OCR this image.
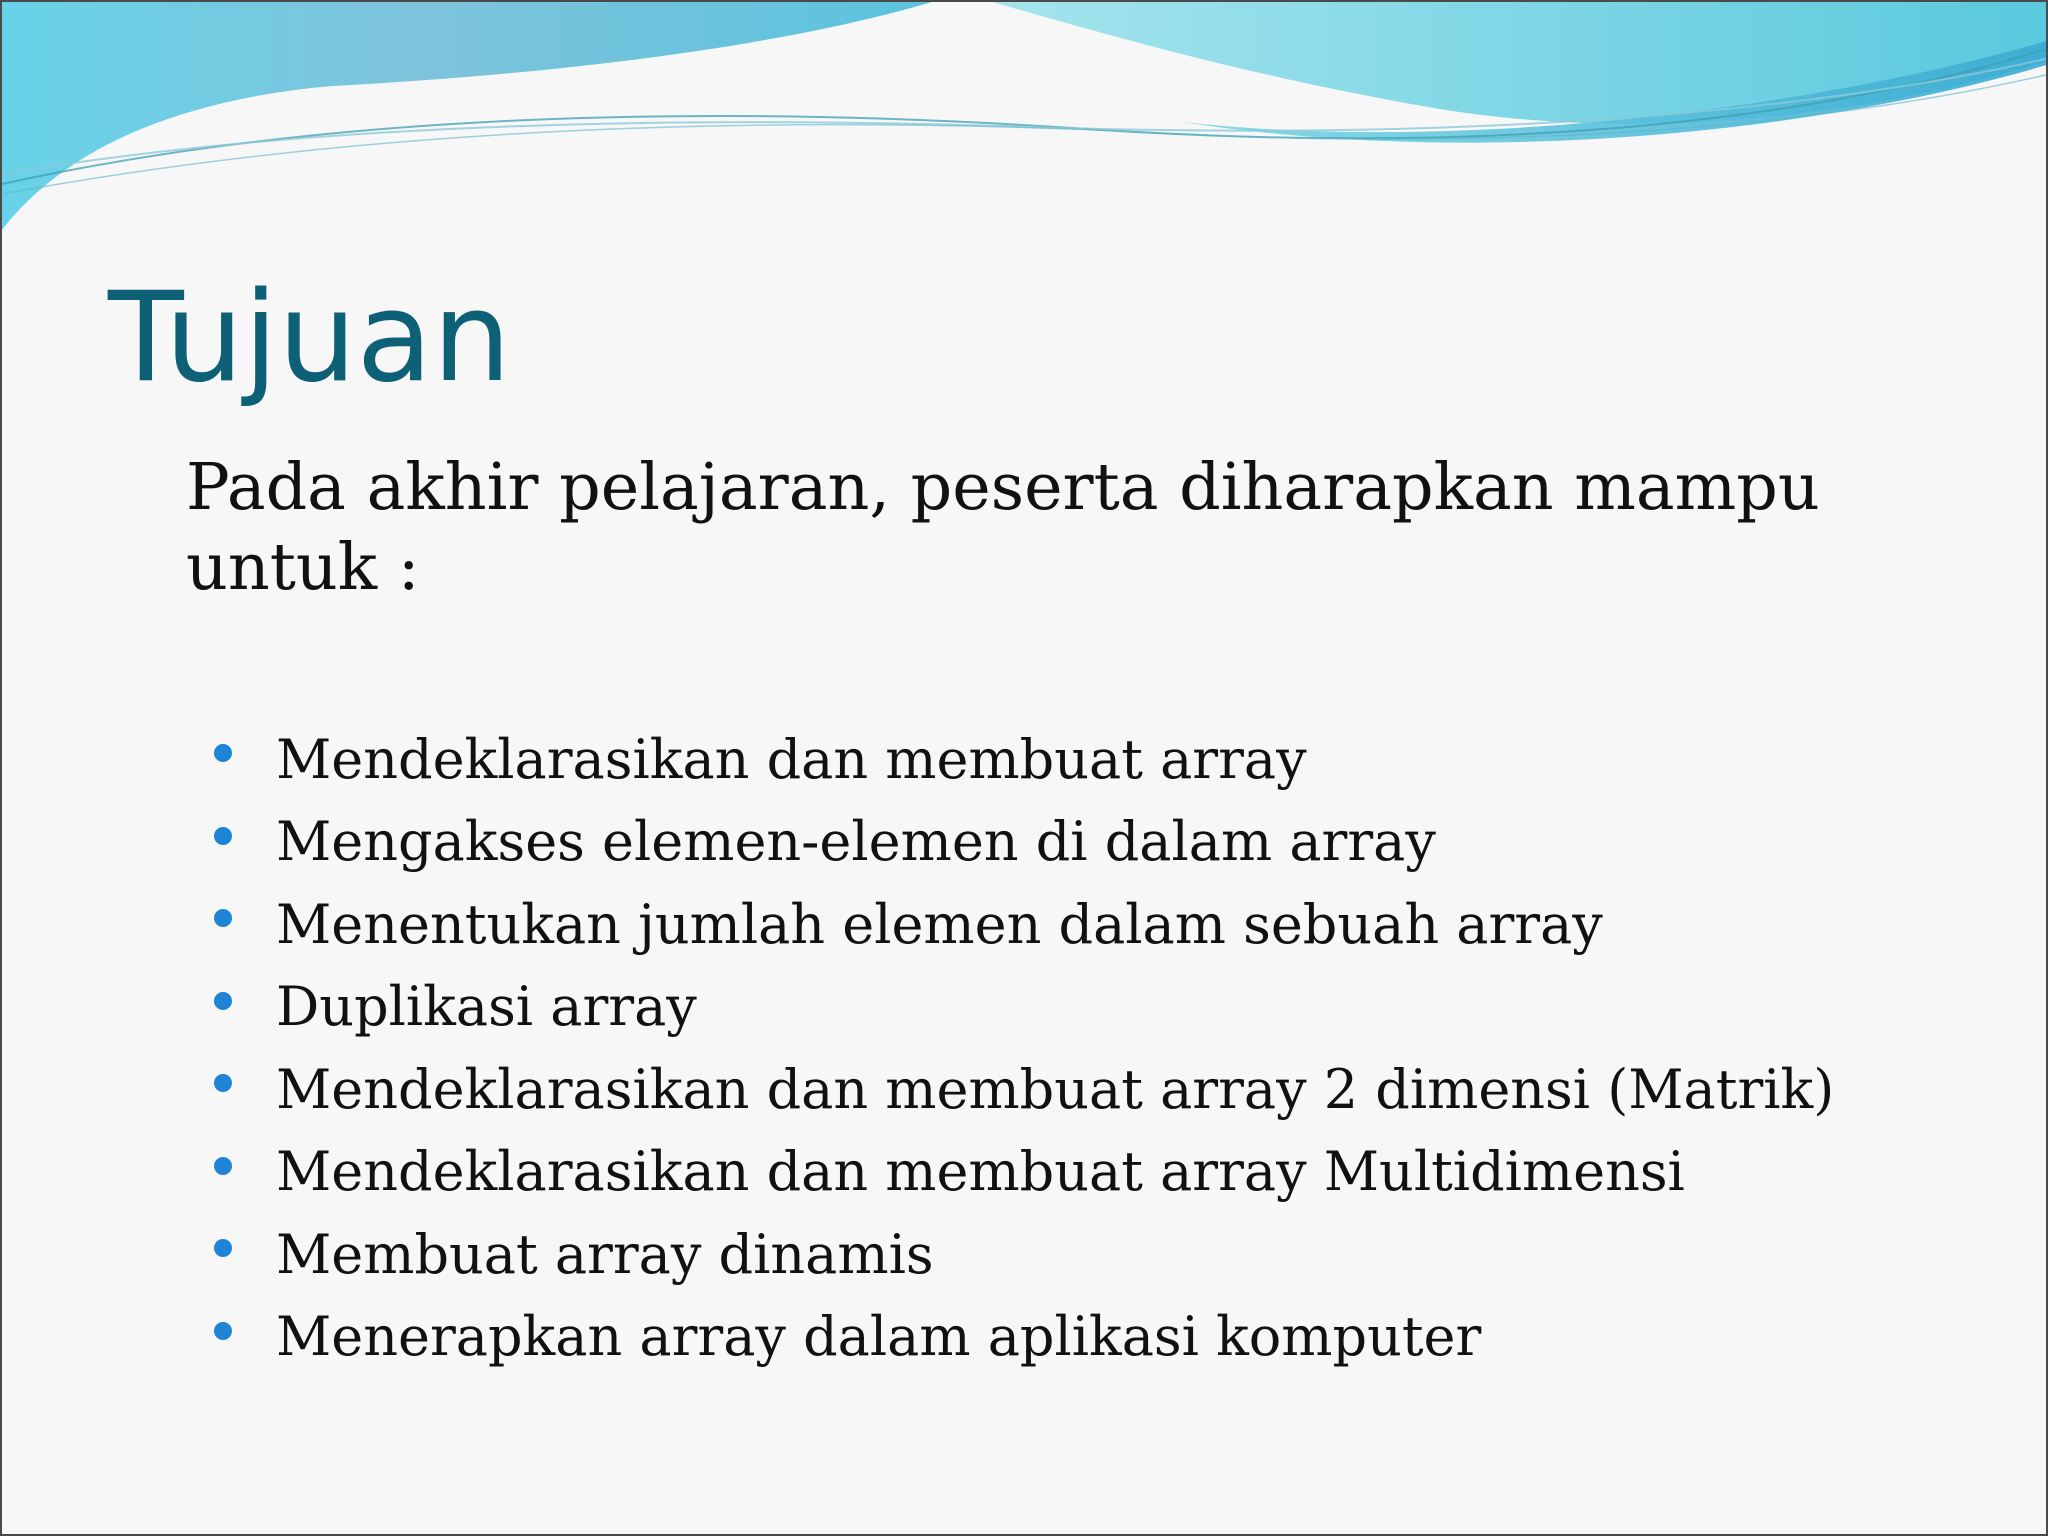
Tujuan

Pada akhir pelajaran, peserta diharapkan mampu untuk :

Mendeklarasikan dan membuat array
Mengakses elemen-elemen di dalam array
Menentukan jumlah elemen dalam sebuah array
Duplikasi array
Mendeklarasikan dan membuat array 2 dimensi (Matrik)
Mendeklarasikan dan membuat array Multidimensi
Membuat array dinamis
Menerapkan array dalam aplikasi komputer
